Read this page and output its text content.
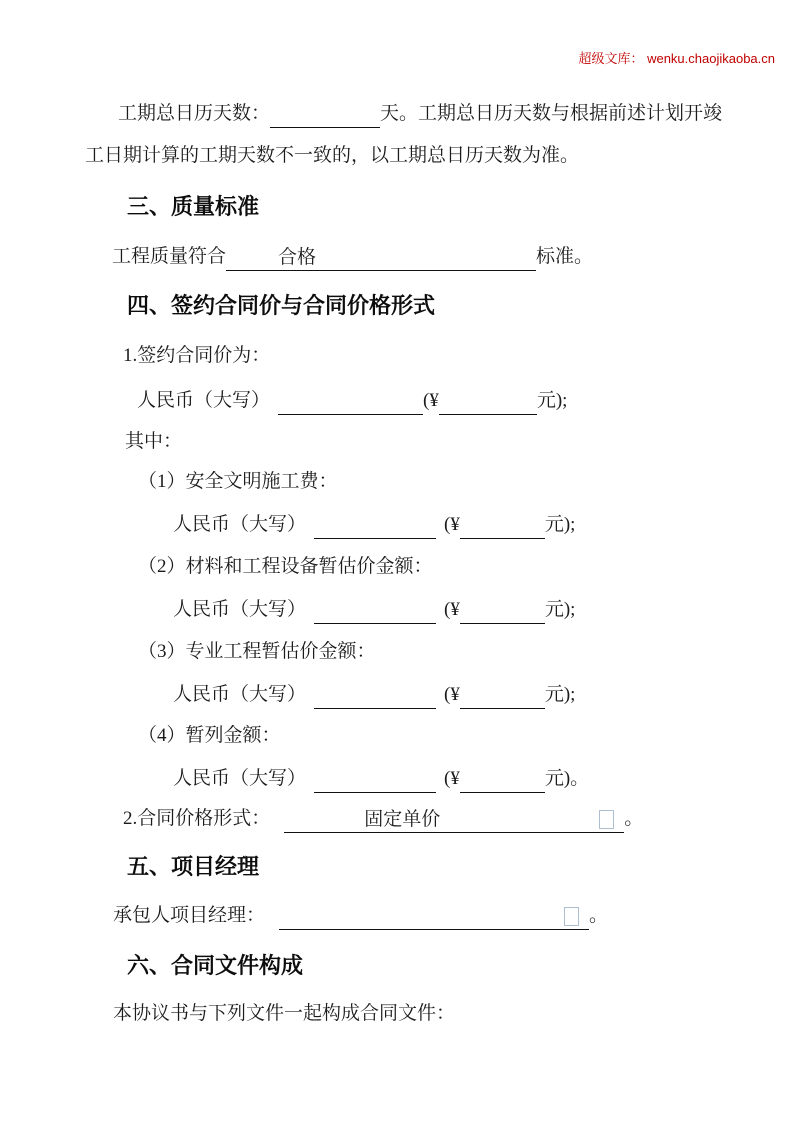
超级文库： wenku.chaojikaoba.cn
工期总日历天数：	天。工期总日历天数与根据前述计划开竣
工日期计算的工期天数不一致的，以工期总日历天数为准。
三、质量标准
工程质量符合	合格	标准。
四、签约合同价与合同价格形式
1.签约合同价为：
人民币（大写）	(¥	元);
其中：
（1）安全文明施工费：
人民币（大写）	(¥	元);
（2）材料和工程设备暂估价金额：
人民币（大写）	(¥	元);
（3）专业工程暂估价金额：
人民币（大写）	(¥	元);
（4）暂列金额：
人民币（大写）	(¥	元)。
2.合同价格形式：	固定单价	。
五、项目经理
承包人项目经理：	。
六、合同文件构成
本协议书与下列文件一起构成合同文件：
